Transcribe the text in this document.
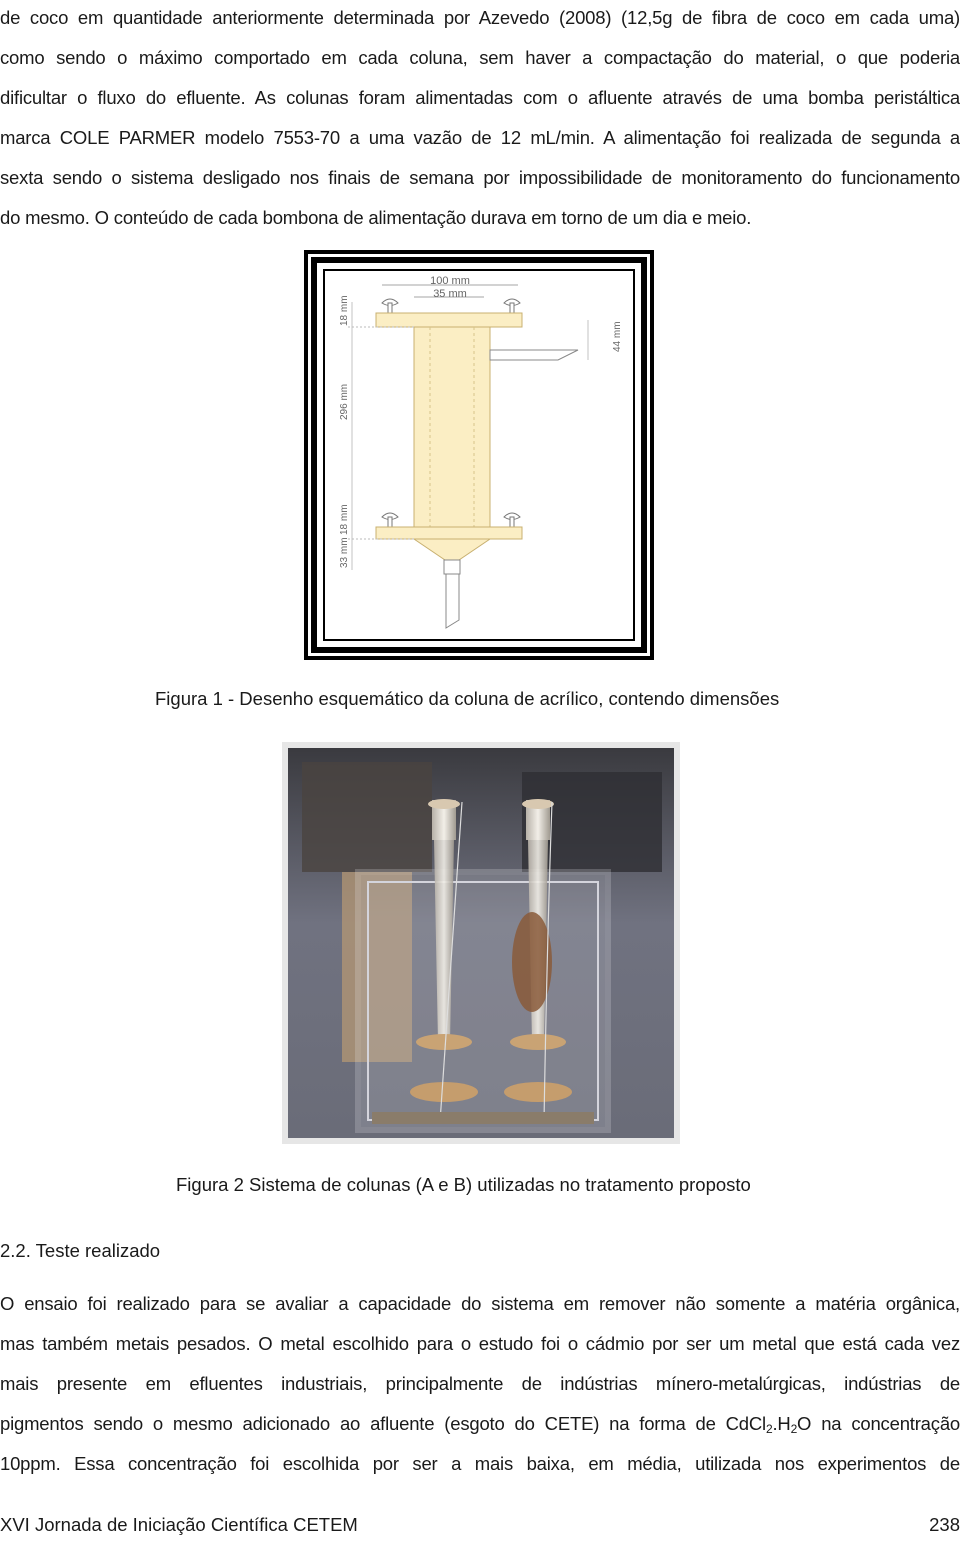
de coco em quantidade anteriormente determinada por Azevedo (2008) (12,5g de fibra de coco em cada uma)
como sendo o máximo comportado em cada coluna, sem haver a compactação do material, o que poderia
dificultar o fluxo do efluente. As colunas foram alimentadas com o afluente através de uma bomba peristáltica
marca COLE PARMER modelo 7553-70 a uma vazão de 12 mL/min. A alimentação foi realizada de segunda a
sexta sendo o sistema desligado nos finais de semana por impossibilidade de monitoramento do funcionamento
do mesmo. O conteúdo de cada bombona de alimentação durava em torno de um dia e meio.
100 mm
35 mm
18 mm
296 mm
18 mm
33 mm
44 mm
Figura 1 - Desenho esquemático da coluna de acrílico, contendo dimensões
Figura 2 Sistema de colunas (A e B) utilizadas no tratamento proposto
2.2. Teste realizado
O ensaio foi realizado para se avaliar a capacidade do sistema em remover não somente a matéria orgânica,
mas também metais pesados. O metal escolhido para o estudo foi o cádmio por ser um metal que está cada vez
mais presente em efluentes industriais, principalmente de indústrias mínero-metalúrgicas, indústrias de
pigmentos sendo o mesmo adicionado ao afluente (esgoto do CETE) na forma de $CdCl_2.H_2O$ na concentração
10ppm. Essa concentração foi escolhida por ser a mais baixa, em média, utilizada nos experimentos de
XVI Jornada de Iniciação Científica CETEM	238
